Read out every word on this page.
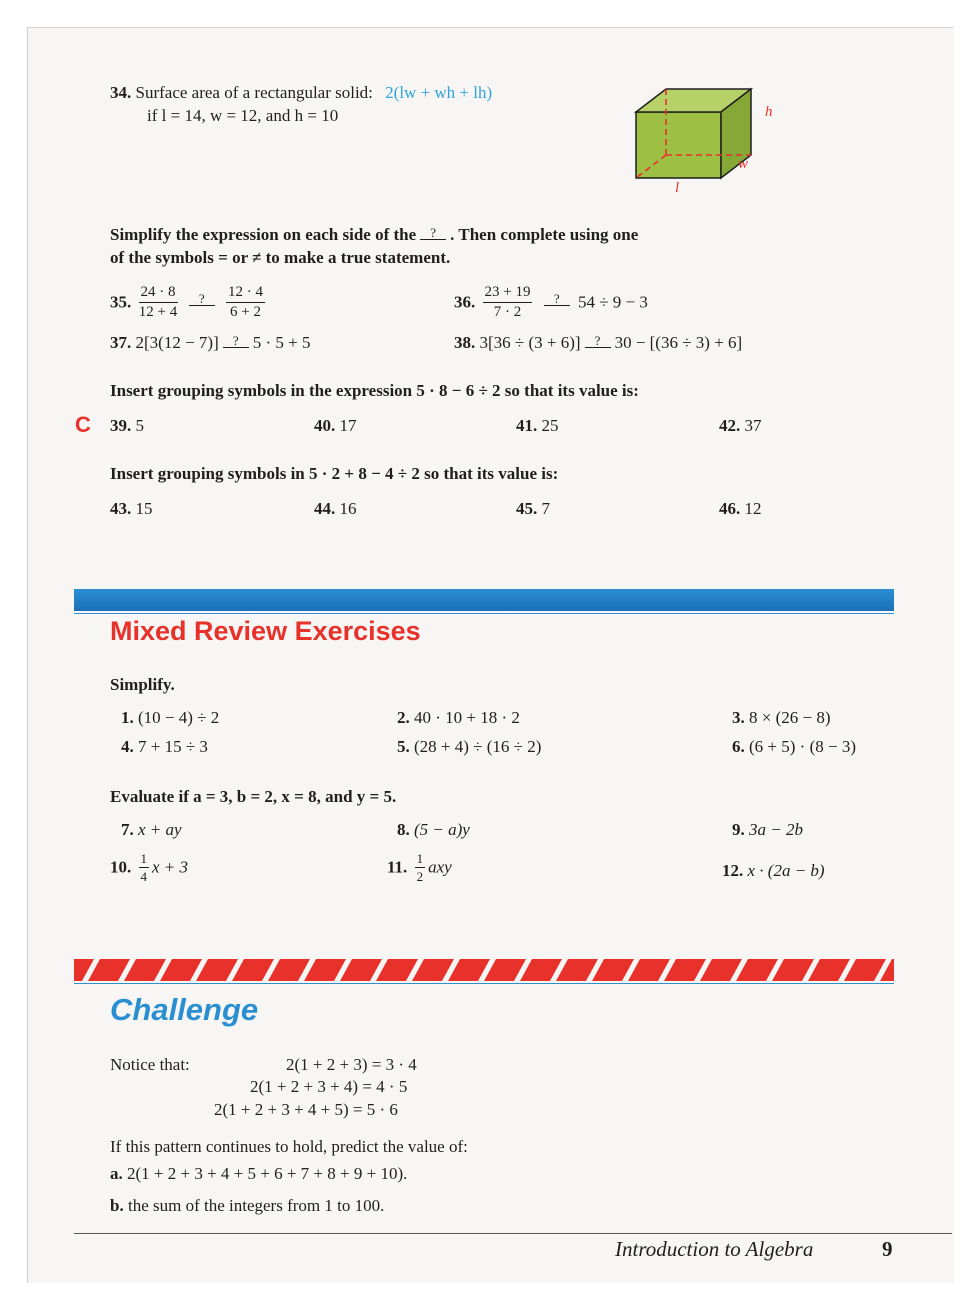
34. Surface area of a rectangular solid: 2(lw + wh + lh)
if l = 14, w = 12, and h = 10	h
w
l
Simplify the expression on each side of the ? . Then complete using one
of the symbols = or ≠ to make a true statement.
35. $\frac{24 \cdot 8}{12 + 4}$ ? $\frac{12 \cdot 4}{6 + 2}$	36. $\frac{23 + 19}{7 \cdot 2}$ ? 54 ÷ 9 − 3
37. 2[3(12 − 7)] ? 5 · 5 + 5	38. 3[36 ÷ (3 + 6)] ? 30 − [(36 ÷ 3) + 6]
Insert grouping symbols in the expression 5 · 8 − 6 ÷ 2 so that its value is:
C 39. 5	40. 17	41. 25	42. 37
Insert grouping symbols in 5 · 2 + 8 − 4 ÷ 2 so that its value is:
43. 15	44. 16	45. 7	46. 12
Mixed Review Exercises
Simplify.
1. (10 − 4) ÷ 2	2. 40 · 10 + 18 · 2	3. 8 × (26 − 8)
4. 7 + 15 ÷ 3	5. (28 + 4) ÷ (16 ÷ 2)	6. (6 + 5) · (8 − 3)
Evaluate if a = 3, b = 2, x = 8, and y = 5.
7. x + ay	8. (5 − a)y	9. 3a − 2b
10. $\frac{1}{4}$ x + 3	11. $\frac{1}{2}$ axy	12. x · (2a − b)
Challenge
Notice that:	2(1 + 2 + 3) = 3 · 4
2(1 + 2 + 3 + 4) = 4 · 5
2(1 + 2 + 3 + 4 + 5) = 5 · 6
If this pattern continues to hold, predict the value of:
a. 2(1 + 2 + 3 + 4 + 5 + 6 + 7 + 8 + 9 + 10).
b. the sum of the integers from 1 to 100.
Introduction to Algebra	9
